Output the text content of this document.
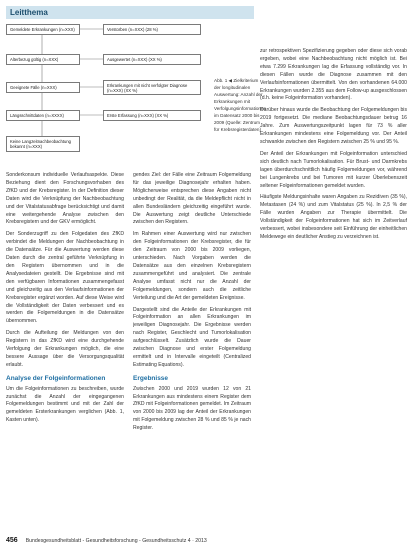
Leitthema
Gemeldete Erkrankungen (n=XXX)	Verstorben (n=XXX) (28 %)
Alterbezug gültig (n=XXX)	Ausgewertet (n=XXX) (XX %)
Geeignete Fälle (n=XXX)	Erkrankungen mit nicht verfolgter Diagnose (n=XXX) (XX %)
Längsschnittdaten (n=XXXX)	Erste Erfassung (n=XXX) (XX %)
Keine Langzeitnachbeobachtung bekannt (n=XXX)
Abb. 1 ◀ Zielkriterium der longitudinalen Auswertung: Anzahl der Erkrankungen mit Verfolgungsinformationen im Datensatz 2000 bis 2009 (Quelle: Zentrum für Krebsregisterdaten)

Sonderkonsum individuelle Verlaufsaspekte. Diese Beziehung dient den Forschungsvorhaben des ZfKD und der Krebsregister. In der Definition dieser Daten wird die Verknüpfung der Nachbeobachtung und der Vitalstatusabfrage berücksichtigt und damit eine weitergehende Analyse zwischen den Krebsregistern und der GKV ermöglicht.

Der Sonderzugriff zu den Folgedaten des ZfKD verbindet die Meldungen der Nachbeobachtung in die Datensätze. Für die Auswertung werden diese Daten durch die zentral geführte Verknüpfung in den Registern übernommen und in die Analysedateien gestellt. Die Ergebnisse sind mit den verfügbaren Informationen zusammengefasst und gleichzeitig aus den Verlaufsinformationen der Krebsregister ergänzt worden. Auf diese Weise wird die Vollständigkeit der Daten verbessert und es werden die Folgemeldungen in die Datensätze übernommen.

Durch die Aufteilung der Meldungen von den Registern in das ZfKD wird eine durchgehende Verfolgung der Erkrankungen möglich, die eine bessere Aussage über die Versorgungsqualität erlaubt.

Analyse der Folgeinformationen

Um die Folgeinformationen zu beschreiben, wurde zunächst die Anzahl der eingegangenen Folgemeldungen bestimmt und mit der Zahl der gemeldeten Ersterkrankungen verglichen (Abb. 1, Kasten unten).

gendes Ziel: der Fälle eine Zeitraum Folgemeldung für das jeweilige Diagnosejahr erhalten haben. Möglicherweise entsprechen diese Angaben nicht unbedingt der Realität, da die Meldepflicht nicht in allen Bundesländern gleichzeitig eingeführt wurde. Die Auswertung zeigt deutliche Unterschiede zwischen den Registern.

Im Rahmen einer Auswertung wird nur zwischen den Folgeinformationen der Krebsregister, die für den Zeitraum von 2000 bis 2009 vorliegen, unterschieden. Nach Vorgaben werden die Datensätze aus den einzelnen Krebsregistern zusammengeführt und analysiert. Die zentrale Analyse umfasst nicht nur die Anzahl der Folgemeldungen, sondern auch die zeitliche Verteilung und die Art der gemeldeten Ereignisse.

Dargestellt sind die Anteile der Erkrankungen mit Folgeinformation an allen Erkrankungen im jeweiligen Diagnosejahr. Die Ergebnisse werden nach Register, Geschlecht und Tumorlokalisation aufgeschlüsselt. Zusätzlich wurde die Dauer zwischen Diagnose und erster Folgemeldung ermittelt und in Intervalle eingeteilt (Centralized Estimating Equations).

Ergebnisse

Zwischen 2000 und 2019 wurden 12 von 21 Erkrankungen aus mindestens einem Register dem ZfKD mit Folgeinformationen gemeldet. Im Zeitraum von 2000 bis 2009 lag der Anteil der Erkrankungen mit Folgemeldung zwischen 28 % und 85 % je nach Register.

zur retrospektiven Spezifizierung gegeben oder diese sich vorab ergeben, wobei eine Nachbeobachtung nicht möglich ist. Bei etwa 7.299 Erkrankungen lag die Erfassung vollständig vor. In diesen Fällen wurde die Diagnose zusammen mit den Verlaufsinformationen übermittelt. Von den vorhandenen 64.000 Erkrankungen wurden 2.355 aus dem Follow-up ausgeschlossen (d.h. keine Folgeinformation vorhanden).

Darüber hinaus wurde die Beobachtung der Folgemeldungen bis 2019 fortgesetzt. Die mediane Beobachtungsdauer betrug 16 Jahre. Zum Auswertungszeitpunkt lagen für 73 % aller Erkrankungen mindestens eine Folgemeldung vor. Der Anteil schwankte zwischen den Registern zwischen 25 % und 95 %.

Der Anteil der Erkrankungen mit Folgeinformation unterschied sich deutlich nach Tumorlokalisation. Für Brust- und Darmkrebs lagen überdurchschnittlich häufig Folgemeldungen vor, während bei Lungenkrebs und bei Tumoren mit kurzer Überlebenszeit seltener Folgeinformationen gemeldet wurden.

Häufigste Meldungsinhalte waren Angaben zu Rezidiven (35 %), Metastasen (24 %) und zum Vitalstatus (25 %). In 2,5 % der Fälle wurden Angaben zur Therapie übermittelt. Die Vollständigkeit der Folgeinformationen hat sich im Zeitverlauf verbessert, wobei insbesondere seit Einführung der einheitlichen Meldewege ein deutlicher Anstieg zu verzeichnen ist.

456 Bundesgesundheitsblatt - Gesundheitsforschung - Gesundheitsschutz 4 · 2013
